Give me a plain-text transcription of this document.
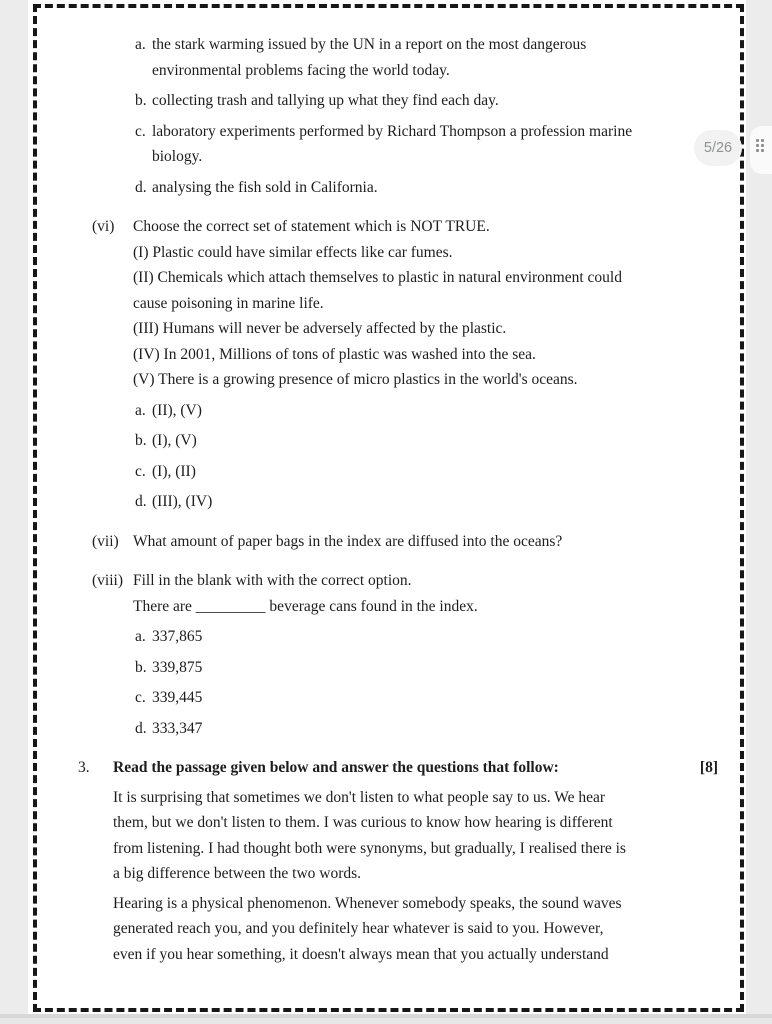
a. the stark warming issued by the UN in a report on the most dangerous
environmental problems facing the world today.
b. collecting trash and tallying up what they find each day.
c. laboratory experiments performed by Richard Thompson a profession marine
biology.
d. analysing the fish sold in California.
(vi)	Choose the correct set of statement which is NOT TRUE.
(I) Plastic could have similar effects like car fumes.
(II) Chemicals which attach themselves to plastic in natural environment could
cause poisoning in marine life.
(III) Humans will never be adversely affected by the plastic.
(IV) In 2001, Millions of tons of plastic was washed into the sea.
(V) There is a growing presence of micro plastics in the world's oceans.
a. (II), (V)
b. (I), (V)
c. (I), (II)
d. (III), (IV)
(vii) What amount of paper bags in the index are diffused into the oceans?
(viii) Fill in the blank with with the correct option.
There are _________ beverage cans found in the index.
a. 337,865
b. 339,875
c. 339,445
d. 333,347
3.	Read the passage given below and answer the questions that follow:	[8]
It is surprising that sometimes we don't listen to what people say to us. We hear
them, but we don't listen to them. I was curious to know how hearing is different
from listening. I had thought both were synonyms, but gradually, I realised there is
a big difference between the two words.
Hearing is a physical phenomenon. Whenever somebody speaks, the sound waves
generated reach you, and you definitely hear whatever is said to you. However,
even if you hear something, it doesn't always mean that you actually understand
5/26
